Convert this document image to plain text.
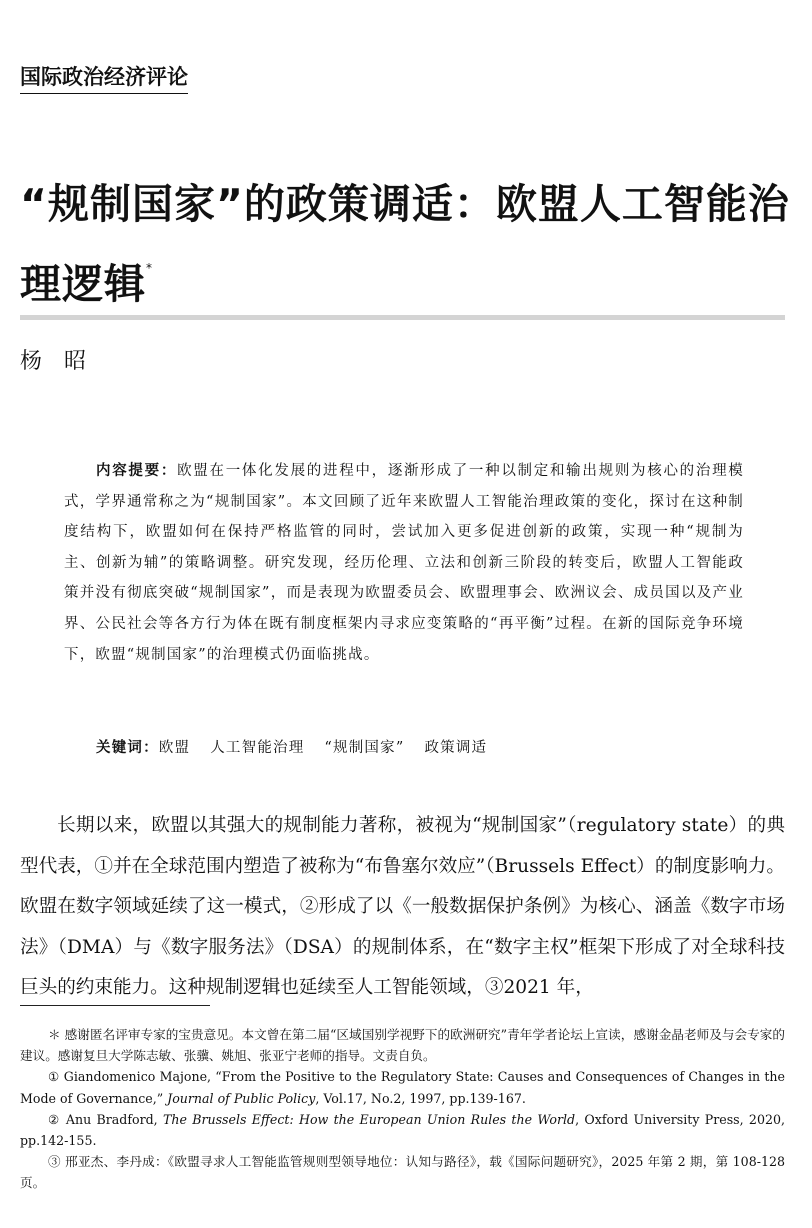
国际政治经济评论
“规制国家”的政策调适：欧盟人工智能治理逻辑*
杨昭

内容提要：欧盟在一体化发展的进程中，逐渐形成了一种以制定和输出规则为核心的治理模式，学界通常称之为“规制国家”。本文回顾了近年来欧盟人工智能治理政策的变化，探讨在这种制度结构下，欧盟如何在保持严格监管的同时，尝试加入更多促进创新的政策，实现一种“规制为主、创新为辅”的策略调整。研究发现，经历伦理、立法和创新三阶段的转变后，欧盟人工智能政策并没有彻底突破“规制国家”，而是表现为欧盟委员会、欧盟理事会、欧洲议会、成员国以及产业界、公民社会等各方行为体在既有制度框架内寻求应变策略的“再平衡”过程。在新的国际竞争环境下，欧盟“规制国家”的治理模式仍面临挑战。

关键词：欧盟 人工智能治理 “规制国家” 政策调适

长期以来，欧盟以其强大的规制能力著称，被视为“规制国家”（regulatory state）的典型代表，①并在全球范围内塑造了被称为“布鲁塞尔效应”（Brussels Effect）的制度影响力。欧盟在数字领域延续了这一模式，②形成了以《一般数据保护条例》为核心、涵盖《数字市场法》（DMA）与《数字服务法》（DSA）的规制体系，在“数字主权”框架下形成了对全球科技巨头的约束能力。这种规制逻辑也延续至人工智能领域，③2021 年，

＊ 感谢匿名评审专家的宝贵意见。本文曾在第二届“区域国别学视野下的欧洲研究”青年学者论坛上宣读，感谢金晶老师及与会专家的建议。感谢复旦大学陈志敏、张骥、姚旭、张亚宁老师的指导。文责自负。

① Giandomenico Majone, “From the Positive to the Regulatory State: Causes and Consequences of Changes in the Mode of Governance,” Journal of Public Policy, Vol.17, No.2, 1997, pp.139-167.

② Anu Bradford, The Brussels Effect: How the European Union Rules the World, Oxford University Press, 2020, pp.142-155.

③ 邢亚杰、李丹成：《欧盟寻求人工智能监管规则型领导地位：认知与路径》，载《国际问题研究》，2025 年第 2 期，第 108-128 页。
